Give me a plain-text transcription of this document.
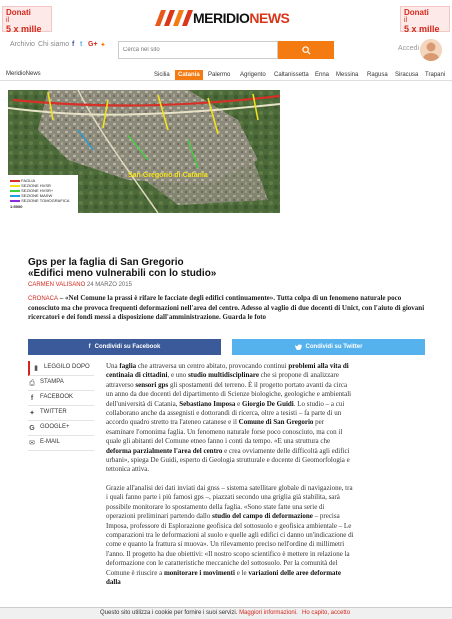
Donati
il
5 x mille
MERIDIONEWS	Donati
il
5 x mille
Archivio Chi siamo f t G+ ✦
Cerca nel sito	Accedi
MeridioNews	Sicilia	Catania	Palermo Agrigento Caltanissetta Enna Messina Ragusa Siracusa Trapani
FAGLIA
SEZIONE HVSR
SEZIONE HVSR+
SEZIONE MASW
SEZIONE TOMOGRAFICA
1:5000
San Gregorio di Catania
Gps per la faglia di San Gregorio
«Edifici meno vulnerabili con lo studio»
CARMEN VALISANO 24 MARZO 2015

CRONACA – «Nel Comune la prassi è rifare le facciate degli edifici continuamente». Tutta colpa di un fenomeno naturale poco conosciuto ma che provoca frequenti deformazioni nell'area del centro. Adesso al vaglio di due docenti di Unict, con l'aiuto di giovani ricercatori e dei fondi messi a disposizione dall'amministrazione. Guarda le foto

f Condividi su Facebook	Condividi su Twitter
▮	LEGGILO DOPO
⎙ STAMPA
f	FACEBOOK
✦ TWITTER
G GOOGLE+
✉ E-MAIL

Una faglia che attraversa un centro abitato, provocando continui problemi alla vita di centinaia di cittadini, e uno studio multidisciplinare che si propone di analizzare attraverso sensori gps gli spostamenti del terreno. È il progetto portato avanti da circa un anno da due docenti del dipartimento di Scienze biologiche, geologiche e ambientali dell'università di Catania, Sebastiano Imposa e Giorgio De Guidi. Lo studio – a cui collaborano anche da assegnisti e dottorandi di ricerca, oltre a tesisti – fa parte di un accordo quadro stretto tra l'ateneo catanese e il Comune di San Gregorio per esaminare l'omonima faglia. Un fenomeno naturale forse poco conosciuto, ma con il quale gli abitanti del Comune etneo fanno i conti da tempo. «E una struttura che deforma parzialmente l'area del centro e crea ovviamente delle difficoltà agli edifici urbani», spiega De Guidi, esperto di Geologia strutturale e docente di Geomorfologia e tettonica attiva.

Grazie all'analisi dei dati inviati dai gnss – sistema satellitare globale di navigazione, tra i quali fanno parte i più famosi gps –, piazzati secondo una griglia già stabilita, sarà possibile monitorare lo spostamento della faglia. «Sono state fatte una serie di operazioni preliminari partendo dallo studio del campo di deformazione – precisa Imposa, professore di Esplorazione geofisica del sottosuolo e geofisica ambientale – Le comparazioni tra le deformazioni al suolo e quelle agli edifici ci danno un'indicazione di come e quanto la frattura si muova». Un rilevamento preciso nell'ordine di millimetri l'anno. Il progetto ha due obiettivi: «Il nostro scopo scientifico è mettere in relazione la deformazione con le caratteristiche meccaniche del sottosuolo. Per la comunità del Comune è riuscire a monitorare i movimenti e le variazioni delle aree deformate dalla

Questo sito utilizza i cookie per fornire i suoi servizi. Maggiori informazioni. Ho capito, accetto
